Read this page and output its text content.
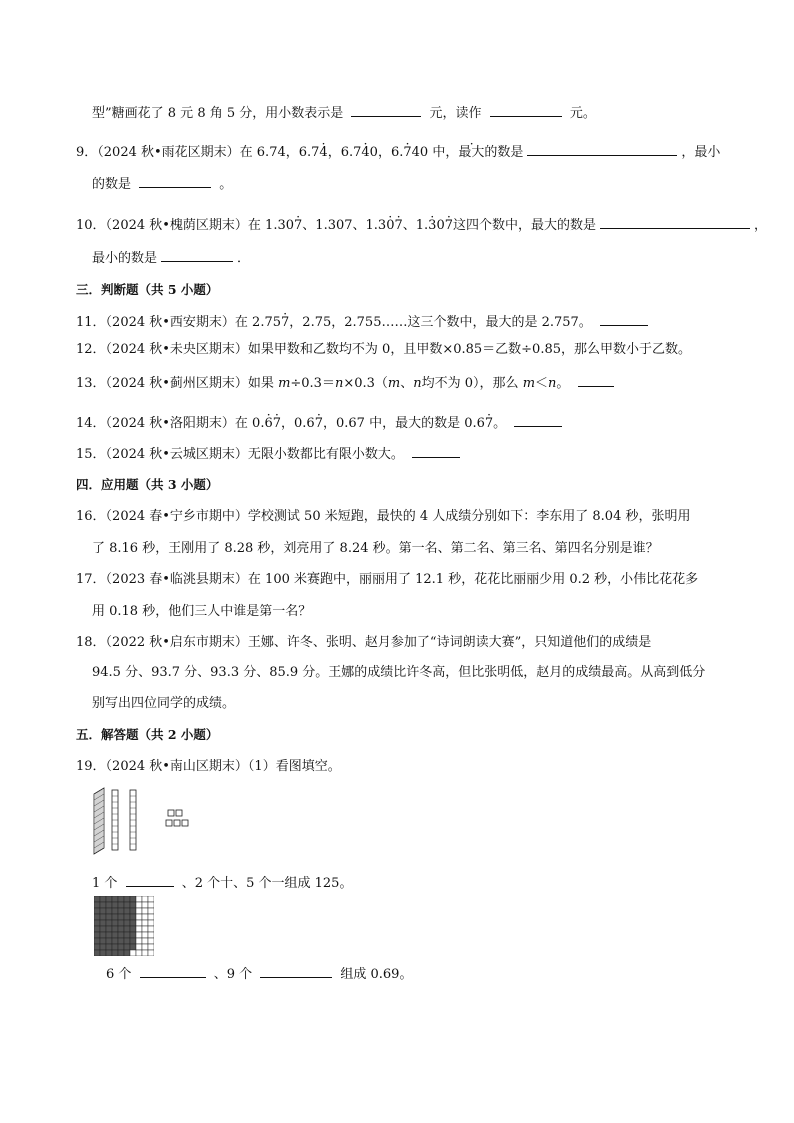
型”糖画花了 8 元 8 角 5 分，用小数表示是	元，读作	元。
9．（2024 秋•雨花区期末）在 6.74，6.7· 4，6.7· 40，6.· 74· 0 中，最大的数是	，最小
的数是	。
10．（2024 秋•槐荫区期末）在 1.30· 7、1.307、1.3· 0· 7、1.· 30· 7这四个数中，最大的数是	，
最小的数是	．
三．判断题（共 5 小题）
11．（2024 秋•西安期末）在 2.75· 7，2.75，2.755……这三个数中，最大的是 2.757。
12．（2024 秋•未央区期末）如果甲数和乙数均不为 0，且甲数×0.85＝乙数÷0.85，那么甲数小于乙数。
13．（2024 秋•蓟州区期末）如果 m÷0.3＝n×0.3（m、n均不为 0），那么 m＜n。
14．（2024 秋•洛阳期末）在 0.· 6· 7，0.6· 7，0.67 中，最大的数是 0.6· 7。
15．（2024 秋•云城区期末）无限小数都比有限小数大。
四．应用题（共 3 小题）
16．（2024 春•宁乡市期中）学校测试 50 米短跑，最快的 4 人成绩分别如下：李东用了 8.04 秒，张明用
了 8.16 秒，王刚用了 8.28 秒，刘亮用了 8.24 秒。第一名、第二名、第三名、第四名分别是谁？
17．（2023 春•临洮县期末）在 100 米赛跑中，丽丽用了 12.1 秒，花花比丽丽少用 0.2 秒，小伟比花花多
用 0.18 秒，他们三人中谁是第一名？
18．（2022 秋•启东市期末）王娜、许冬、张明、赵月参加了“诗词朗读大赛”，只知道他们的成绩是
94.5 分、93.7 分、93.3 分、85.9 分。王娜的成绩比许冬高，但比张明低，赵月的成绩最高。从高到低分
别写出四位同学的成绩。
五．解答题（共 2 小题）
19．（2024 秋•南山区期末）（1）看图填空。
1 个	、2 个十、5 个一组成 125。
6 个	、9 个	组成 0.69。
